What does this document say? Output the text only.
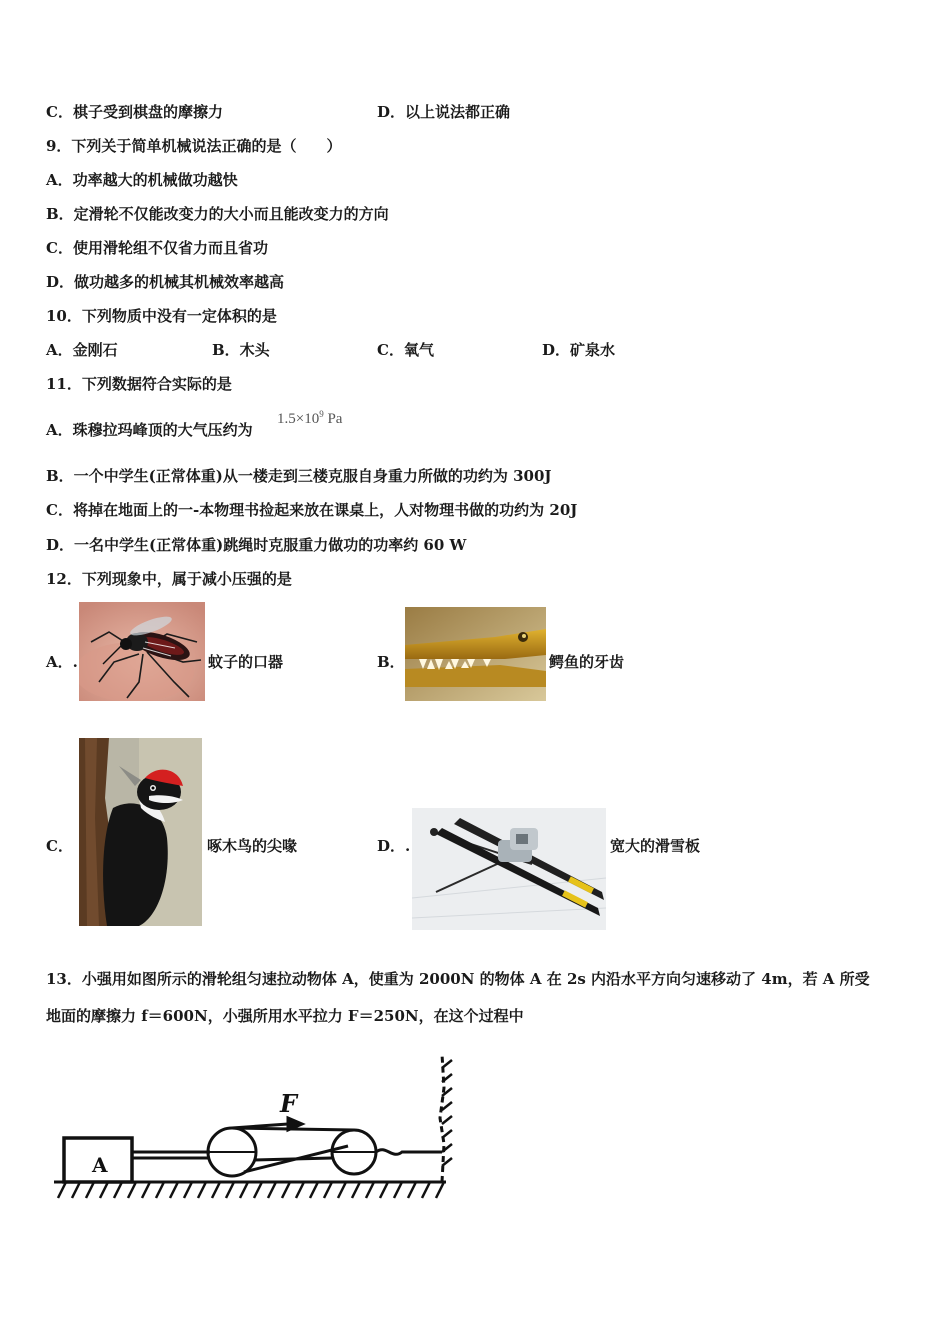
C．棋子受到棋盘的摩擦力	D．以上说法都正确
9．下列关于简单机械说法正确的是（　　）
A．功率越大的机械做功越快
B．定滑轮不仅能改变力的大小而且能改变力的方向
C．使用滑轮组不仅省力而且省功
D．做功越多的机械其机械效率越高
10．下列物质中没有一定体积的是
A．金刚石	B．木头	C．氧气	D．矿泉水
11．下列数据符合实际的是
A．珠穆拉玛峰顶的大气压约为
$1.5\times 10^9$ Pa
B．一个中学生(正常体重)从一楼走到三楼克服自身重力所做的功约为 300J
C．将掉在地面上的一-本物理书捡起来放在课桌上，人对物理书做的功约为 20J
D．一名中学生(正常体重)跳绳时克服重力做功的功率约 60 W
12．下列现象中，属于减小压强的是
A．.	蚊子的口器	B．	鳄鱼的牙齿
C．	啄木鸟的尖喙	D．.	宽大的滑雪板
13．小强用如图所示的滑轮组匀速拉动物体 A，使重为 2000N 的物体 A 在 2s 内沿水平方向匀速移动了 4m，若 A 所受
地面的摩擦力 f＝600N，小强所用水平拉力 F＝250N，在这个过程中
A
F
